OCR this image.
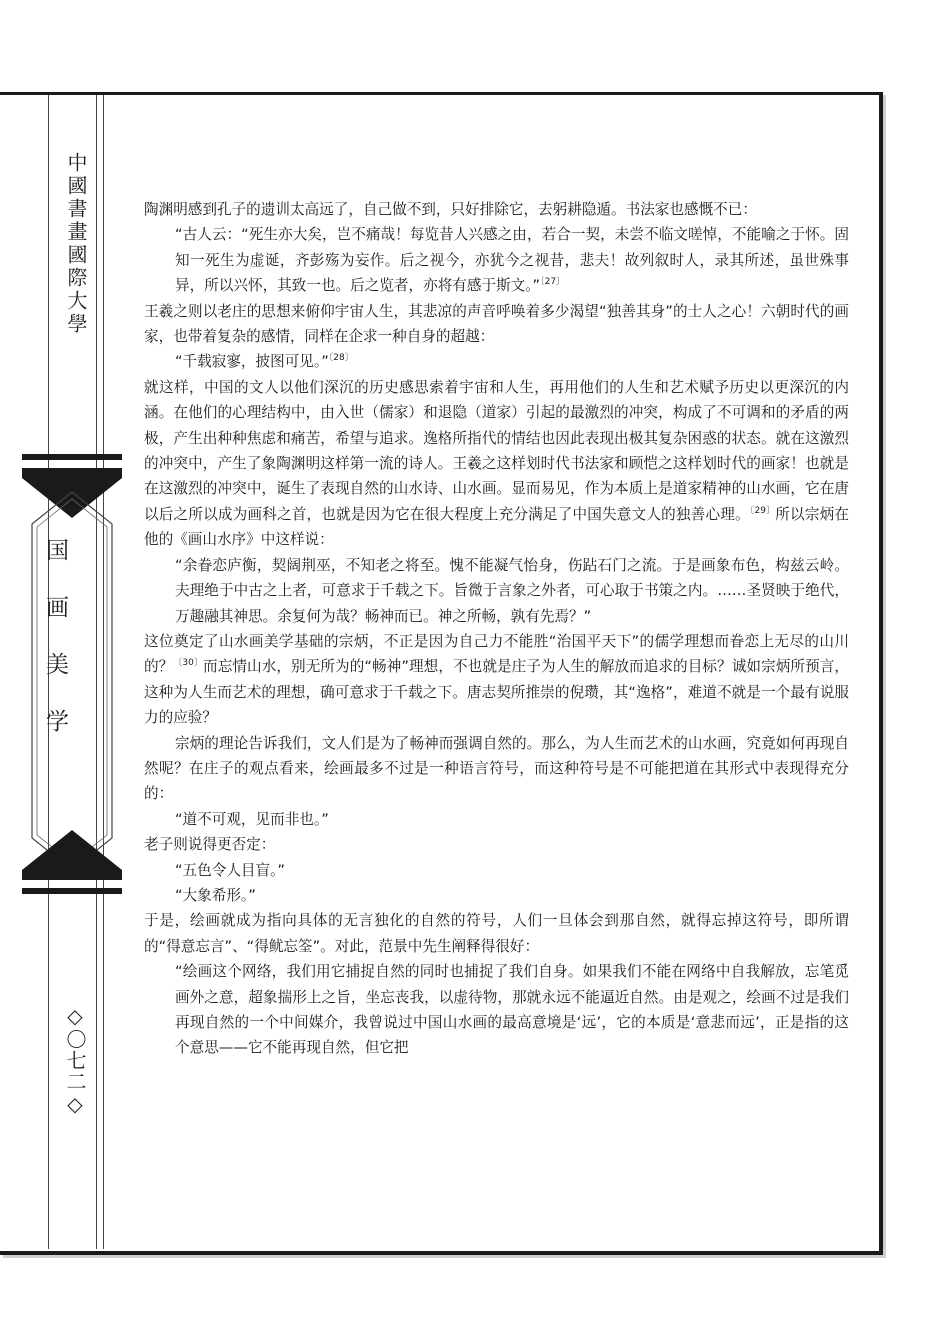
中國書畫國際大學
国画美学
◇〇七二◇

陶渊明感到孔子的遗训太高远了，自己做不到，只好排除它，去躬耕隐遁。书法家也感慨不已：

“古人云：“死生亦大矣，岂不痛哉！每览昔人兴感之由，若合一契，未尝不临文嗟悼，不能喻之于怀。固知一死生为虚诞，齐彭殇为妄作。后之视今，亦犹今之视昔，悲夫！故列叙时人，录其所述，虽世殊事异，所以兴怀，其致一也。后之览者，亦将有感于斯文。”$^{〔27〕}$

王羲之则以老庄的思想来俯仰宇宙人生，其悲凉的声音呼唤着多少渴望“独善其身”的士人之心！六朝时代的画家，也带着复杂的感情，同样在企求一种自身的超越：

“千载寂寥，披图可见。”$^{〔28〕}$

就这样，中国的文人以他们深沉的历史感思索着宇宙和人生，再用他们的人生和艺术赋予历史以更深沉的内涵。在他们的心理结构中，由入世（儒家）和退隐（道家）引起的最激烈的冲突，构成了不可调和的矛盾的两极，产生出种种焦虑和痛苦，希望与追求。逸格所指代的情结也因此表现出极其复杂困惑的状态。就在这激烈的冲突中，产生了象陶渊明这样第一流的诗人。王羲之这样划时代书法家和顾恺之这样划时代的画家！也就是在这激烈的冲突中，诞生了表现自然的山水诗、山水画。显而易见，作为本质上是道家精神的山水画，它在唐以后之所以成为画科之首，也就是因为它在很大程度上充分满足了中国失意文人的独善心理。$^{〔29〕}$所以宗炳在他的《画山水序》中这样说：

“余眷恋庐衡，契阔荆巫，不知老之将至。愧不能凝气怡身，伤跕石门之流。于是画象布色，构兹云岭。夫理绝于中古之上者，可意求于千载之下。旨微于言象之外者，可心取于书策之内。……圣贤映于绝代，万趣融其神思。余复何为哉？畅神而已。神之所畅，孰有先焉？”

这位奠定了山水画美学基础的宗炳，不正是因为自己力不能胜“治国平天下”的儒学理想而眷恋上无尽的山川的？$^{〔30〕}$而忘情山水，别无所为的“畅神”理想，不也就是庄子为人生的解放而追求的目标？诚如宗炳所预言，这种为人生而艺术的理想，确可意求于千载之下。唐志契所推崇的倪瓒，其“逸格”，难道不就是一个最有说服力的应验？

宗炳的理论告诉我们，文人们是为了畅神而强调自然的。那么，为人生而艺术的山水画，究竟如何再现自然呢？在庄子的观点看来，绘画最多不过是一种语言符号，而这种符号是不可能把道在其形式中表现得充分的：

“道不可观，见而非也。”

老子则说得更否定：

“五色令人目盲。”

“大象希形。”

于是，绘画就成为指向具体的无言独化的自然的符号，人们一旦体会到那自然，就得忘掉这符号，即所谓的“得意忘言”、“得鱿忘筌”。对此，范景中先生阐释得很好：

“绘画这个网络，我们用它捕捉自然的同时也捕捉了我们自身。如果我们不能在网络中自我解放，忘笔觅画外之意，超象揣形上之旨，坐忘丧我，以虚待物，那就永远不能逼近自然。由是观之，绘画不过是我们再现自然的一个中间媒介，我曾说过中国山水画的最高意境是‘远’，它的本质是‘意悲而远’，正是指的这个意思——它不能再现自然，但它把
